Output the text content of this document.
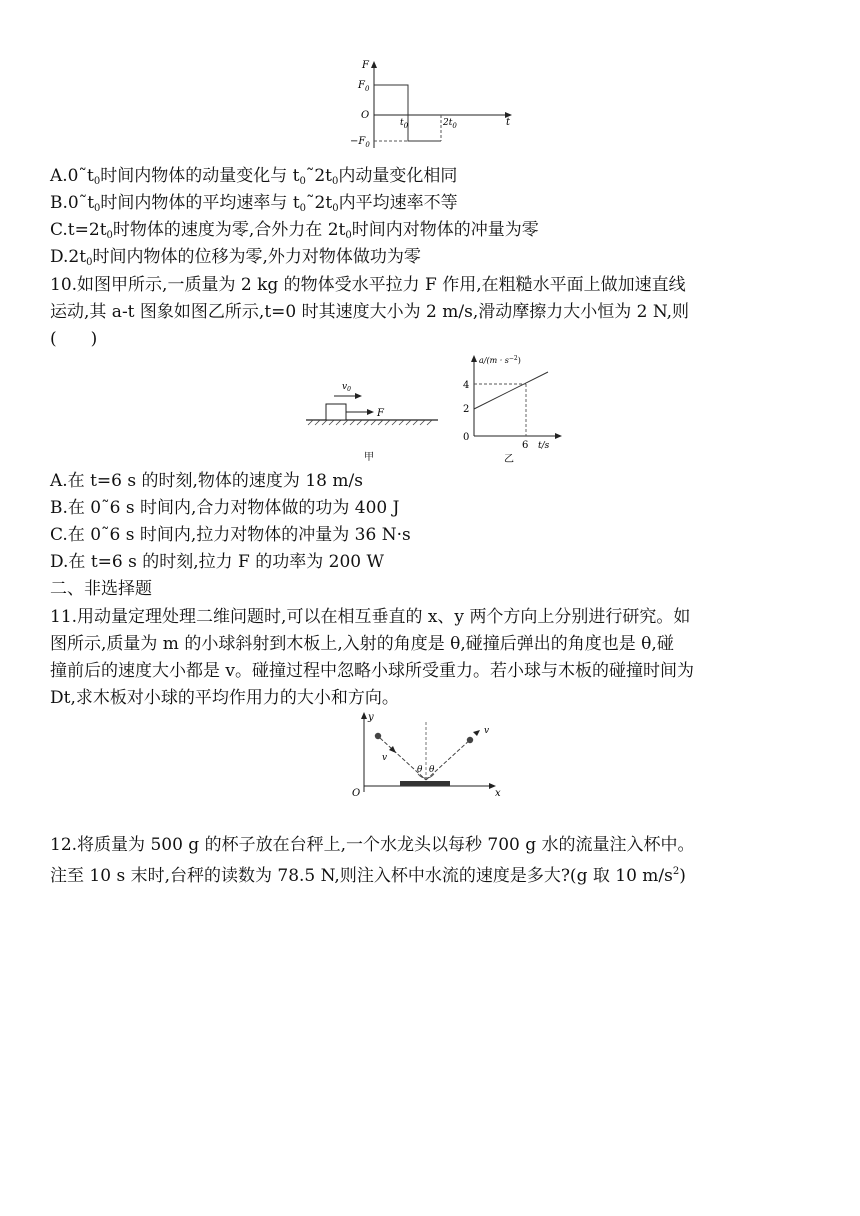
F
t
$F_0$
O
$-F_0$
$t_0$	$2t_0$
$A.0˜t_0$时间内物体的动量变化与 $t_0˜2t_0$内动量变化相同
$B.0˜t_0$时间内物体的平均速率与 $t_0˜2t_0$内平均速率不等
$C.t=2t_0$时物体的速度为零,合外力在 $2t_0$时间内对物体的冲量为零
$D.2t_0$时间内物体的位移为零,外力对物体做功为零
10.如图甲所示,一质量为 2 kg 的物体受水平拉力 F 作用,在粗糙水平面上做加速直线
运动,其 a-t 图象如图乙所示,t=0 时其速度大小为 2 m/s,滑动摩擦力大小恒为 2 N,则
(　　)
$v_0$
F
甲
$a/(m \cdot s^{-2})$
4
2
0
6 t/s
乙
A.在 t=6 s 的时刻,物体的速度为 18 m/s
B.在 0˜6 s 时间内,合力对物体做的功为 400 J
C.在 0˜6 s 时间内,拉力对物体的冲量为 36 N·s
D.在 t=6 s 的时刻,拉力 F 的功率为 200 W
二、非选择题
11.用动量定理处理二维问题时,可以在相互垂直的 x、y 两个方向上分别进行研究。如
图所示,质量为 m 的小球斜射到木板上,入射的角度是 θ,碰撞后弹出的角度也是 θ,碰
撞前后的速度大小都是 v。碰撞过程中忽略小球所受重力。若小球与木板的碰撞时间为
Dt,求木板对小球的平均作用力的大小和方向。
y
x
O
v
v
θ θ
12.将质量为 500 g 的杯子放在台秤上,一个水龙头以每秒 700 g 水的流量注入杯中。
注至 10 s 末时,台秤的读数为 78.5 N,则注入杯中水流的速度是多大?(g 取 10 $m/s^2$)
